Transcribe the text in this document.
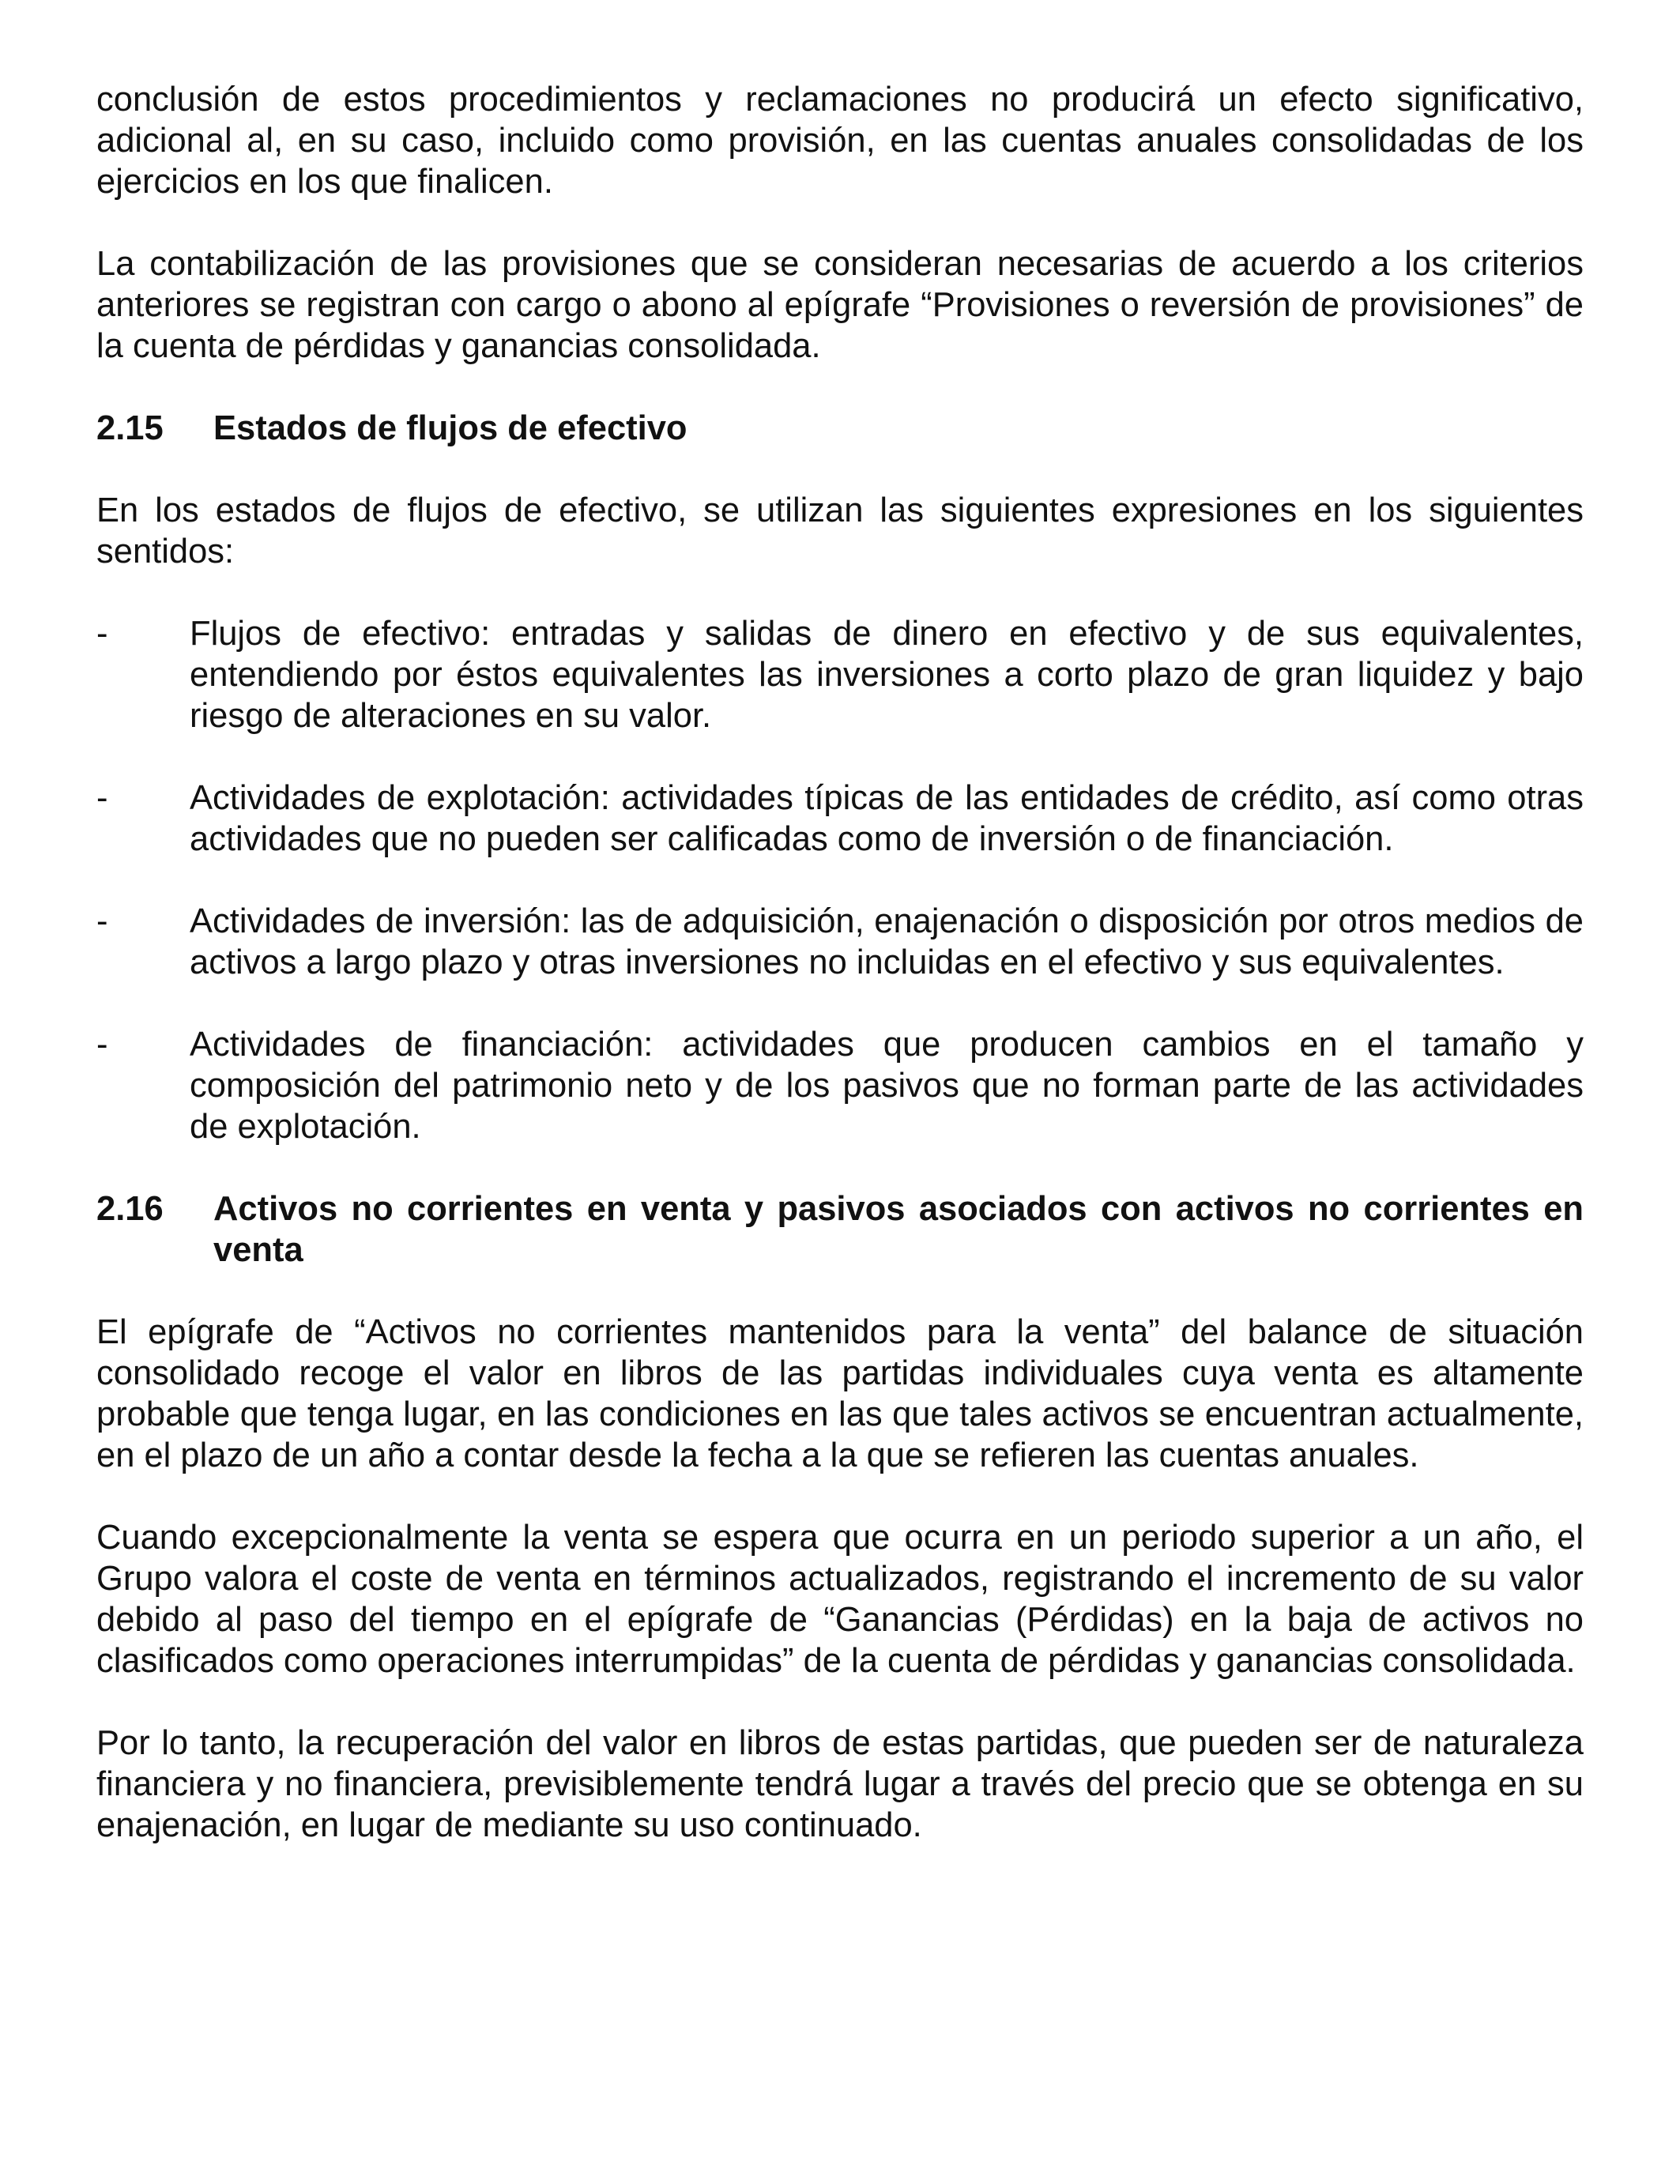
conclusión de estos procedimientos y reclamaciones no producirá un efecto significativo, adicional al, en su caso, incluido como provisión, en las cuentas anuales consolidadas de los ejercicios en los que finalicen.

La contabilización de las provisiones que se consideran necesarias de acuerdo a los criterios anteriores se registran con cargo o abono al epígrafe “Provisiones o reversión de provisiones” de la cuenta de pérdidas y ganancias consolidada.

2.15	Estados de flujos de efectivo

En los estados de flujos de efectivo, se utilizan las siguientes expresiones en los siguientes sentidos:

-	Flujos de efectivo: entradas y salidas de dinero en efectivo y de sus equivalentes, entendiendo por éstos equivalentes las inversiones a corto plazo de gran liquidez y bajo riesgo de alteraciones en su valor.
-	Actividades de explotación: actividades típicas de las entidades de crédito, así como otras actividades que no pueden ser calificadas como de inversión o de financiación.
-	Actividades de inversión: las de adquisición, enajenación o disposición por otros medios de activos a largo plazo y otras inversiones no incluidas en el efectivo y sus equivalentes.
-	Actividades de financiación: actividades que producen cambios en el tamaño y composición del patrimonio neto y de los pasivos que no forman parte de las actividades de explotación.
2.16	Activos no corrientes en venta y pasivos asociados con activos no corrientes en venta

El epígrafe de “Activos no corrientes mantenidos para la venta” del balance de situación consolidado recoge el valor en libros de las partidas individuales cuya venta es altamente probable que tenga lugar, en las condiciones en las que tales activos se encuentran actualmente, en el plazo de un año a contar desde la fecha a la que se refieren las cuentas anuales.

Cuando excepcionalmente la venta se espera que ocurra en un periodo superior a un año, el Grupo valora el coste de venta en términos actualizados, registrando el incremento de su valor debido al paso del tiempo en el epígrafe de “Ganancias (Pérdidas) en la baja de activos no clasificados como operaciones interrumpidas” de la cuenta de pérdidas y ganancias consolidada.

Por lo tanto, la recuperación del valor en libros de estas partidas, que pueden ser de naturaleza financiera y no financiera, previsiblemente tendrá lugar a través del precio que se obtenga en su enajenación, en lugar de mediante su uso continuado.
